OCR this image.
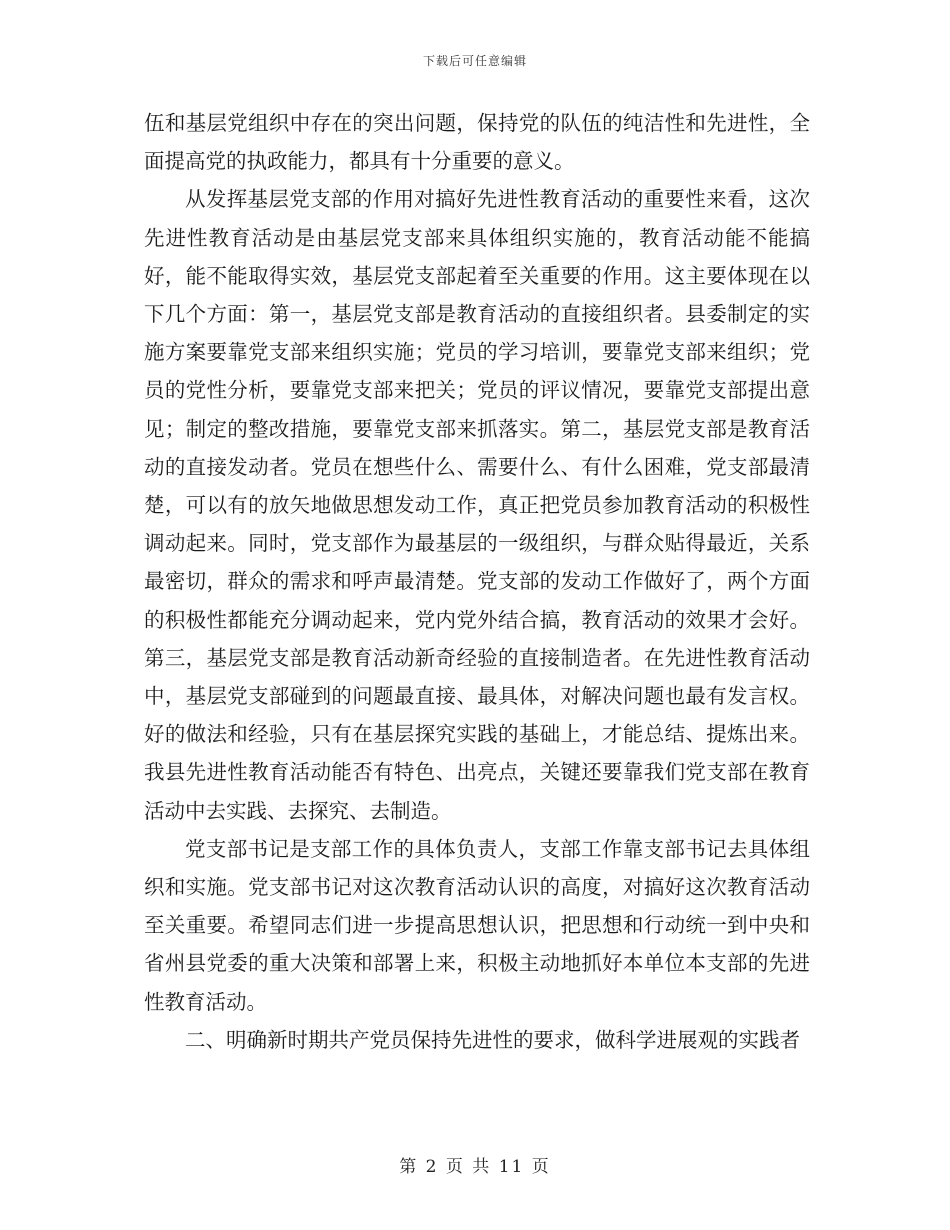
下载后可任意编辑

伍和基层党组织中存在的突出问题，保持党的队伍的纯洁性和先进性，全面提高党的执政能力，都具有十分重要的意义。

从发挥基层党支部的作用对搞好先进性教育活动的重要性来看，这次先进性教育活动是由基层党支部来具体组织实施的，教育活动能不能搞好，能不能取得实效，基层党支部起着至关重要的作用。这主要体现在以下几个方面：第一，基层党支部是教育活动的直接组织者。县委制定的实施方案要靠党支部来组织实施；党员的学习培训，要靠党支部来组织；党员的党性分析，要靠党支部来把关；党员的评议情况，要靠党支部提出意见；制定的整改措施，要靠党支部来抓落实。第二，基层党支部是教育活动的直接发动者。党员在想些什么、需要什么、有什么困难，党支部最清楚，可以有的放矢地做思想发动工作，真正把党员参加教育活动的积极性调动起来。同时，党支部作为最基层的一级组织，与群众贴得最近，关系最密切，群众的需求和呼声最清楚。党支部的发动工作做好了，两个方面的积极性都能充分调动起来，党内党外结合搞，教育活动的效果才会好。第三，基层党支部是教育活动新奇经验的直接制造者。在先进性教育活动中，基层党支部碰到的问题最直接、最具体，对解决问题也最有发言权。好的做法和经验，只有在基层探究实践的基础上，才能总结、提炼出来。我县先进性教育活动能否有特色、出亮点，关键还要靠我们党支部在教育活动中去实践、去探究、去制造。

党支部书记是支部工作的具体负责人，支部工作靠支部书记去具体组织和实施。党支部书记对这次教育活动认识的高度，对搞好这次教育活动至关重要。希望同志们进一步提高思想认识，把思想和行动统一到中央和省州县党委的重大决策和部署上来，积极主动地抓好本单位本支部的先进性教育活动。

二、明确新时期共产党员保持先进性的要求，做科学进展观的实践者

第 2 页 共 11 页
